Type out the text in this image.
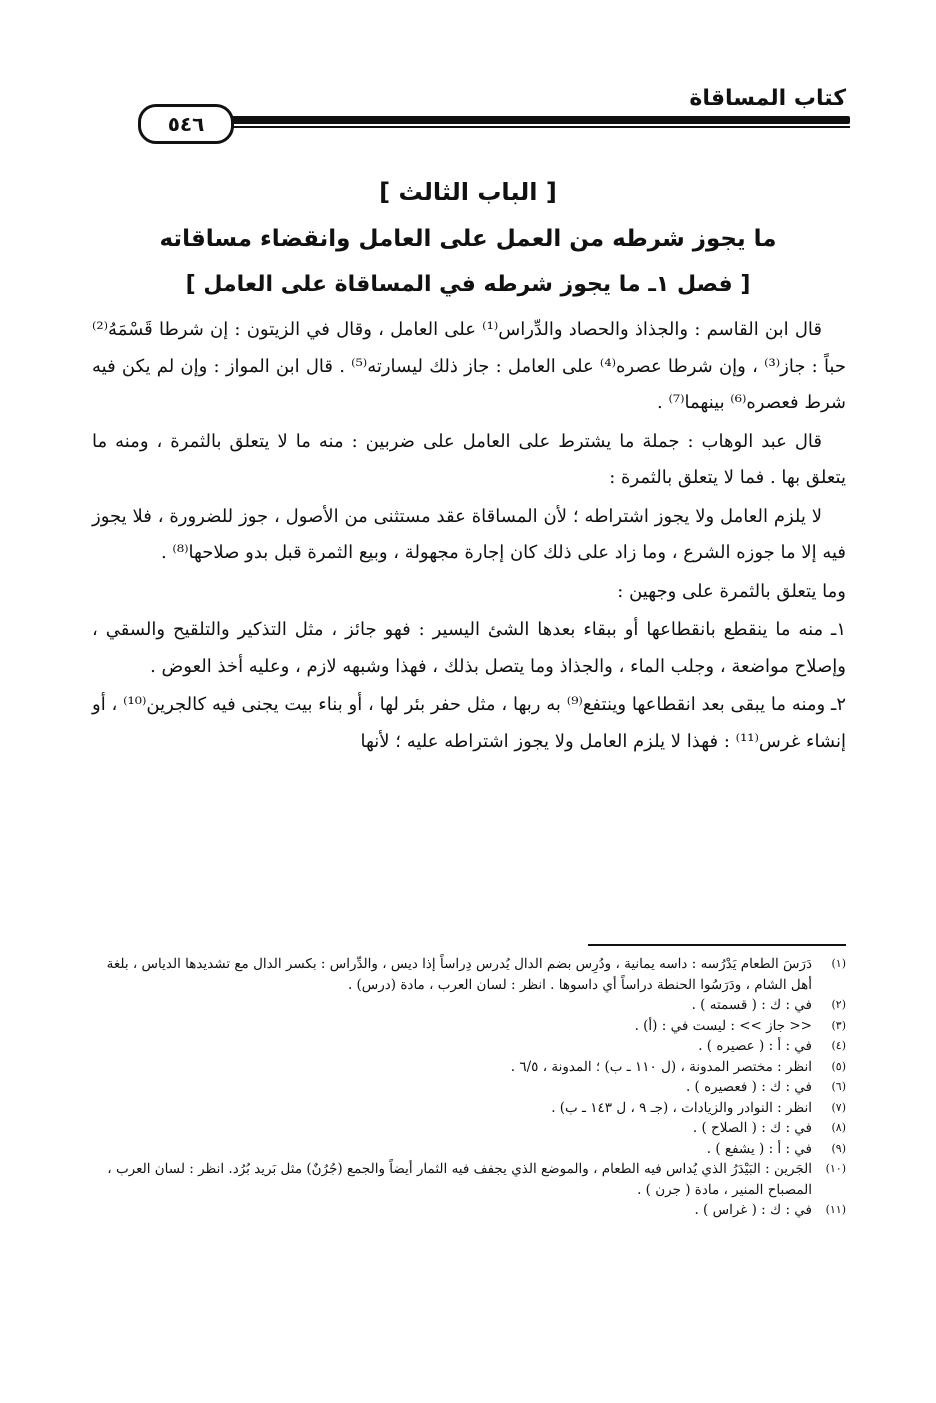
كتاب المساقاة
٥٤٦
[ الباب الثالث ]
ما يجوز شرطه من العمل على العامل وانقضاء مساقاته
[ فصل ١ـ ما يجوز شرطه في المساقاة على العامل ]

قال ابن القاسم : والجذاذ والحصاد والدِّراس⁽¹⁾ على العامل ، وقال في الزيتون : إن شرطا قَسْمَهُ⁽²⁾ حباً : جاز⁽³⁾ ، وإن شرطا عصره⁽⁴⁾ على العامل : جاز ذلك ليسارته⁽⁵⁾ . قال ابن المواز : وإن لم يكن فيه شرط فعصره⁽⁶⁾ بينهما⁽⁷⁾ .

قال عبد الوهاب : جملة ما يشترط على العامل على ضربين : منه ما لا يتعلق بالثمرة ، ومنه ما يتعلق بها . فما لا يتعلق بالثمرة :

لا يلزم العامل ولا يجوز اشتراطه ؛ لأن المساقاة عقد مستثنى من الأصول ، جوز للضرورة ، فلا يجوز فيه إلا ما جوزه الشرع ، وما زاد على ذلك كان إجارة مجهولة ، وبيع الثمرة قبل بدو صلاحها⁽⁸⁾ .

وما يتعلق بالثمرة على وجهين :

١ـ منه ما ينقطع بانقطاعها أو ببقاء بعدها الشئ اليسير : فهو جائز ، مثل التذكير والتلقيح والسقي ، وإصلاح مواضعة ، وجلب الماء ، والجذاذ وما يتصل بذلك ، فهذا وشبهه لازم ، وعليه أخذ العوض .

٢ـ ومنه ما يبقى بعد انقطاعها وينتفع⁽⁹⁾ به ربها ، مثل حفر بئر لها ، أو بناء بيت يجنى فيه كالجرين⁽¹⁰⁾ ، أو إنشاء غرس⁽¹¹⁾ : فهذا لا يلزم العامل ولا يجوز اشتراطه عليه ؛ لأنها

(١)
دَرَسَ الطعام يَدْرُسه : داسه يمانية ، ودُرِس بضم الدال يُدرس دِراساً إذا ديس ، والدِّراس : بكسر الدال مع تشديدها الدياس ، بلغة أهل الشام ، ودَرَسُوا الحنطة دراساً أي داسوها . انظر : لسان العرب ، مادة (درس) .
(٢)
في : ك : ( قسمته ) .
(٣)
<< جاز >> : ليست في : (أ) .
(٤)
في : أ : ( عصيره ) .
(٥)
انظر : مختصر المدونة ، (ل ١١٠ ـ ب) ؛ المدونة ، ٦/٥ .
(٦)
في : ك : ( فعصيره ) .
(٧)
انظر : النوادر والزيادات ، (جـ ٩ ، ل ١٤٣ ـ ب) .
(٨)
في : ك : ( الصلاح ) .
(٩)
في : أ : ( يشفع ) .
(١٠)
الجَرين : البَيْدَرُ الذي يُداس فيه الطعام ، والموضع الذي يجفف فيه الثمار أيضاً والجمع (جُرُنٌ) مثل بَريد بُرُد. انظر : لسان العرب ، المصباح المنير ، مادة ( جرن ) .
(١١)
في : ك : ( غراس ) .
